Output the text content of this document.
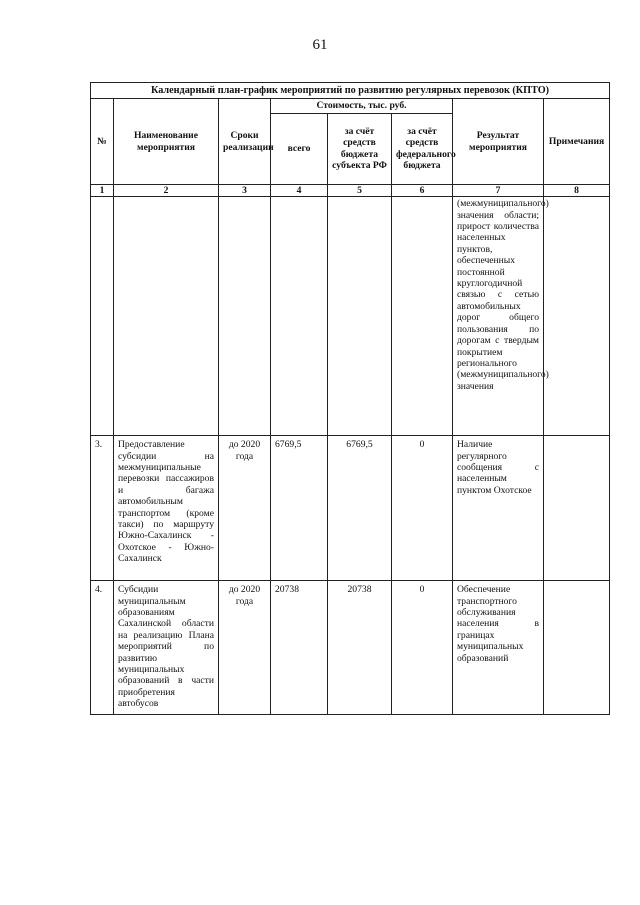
61
Календарный план-график мероприятий по развитию регулярных перевозок (КПТО)							
№	Наименование мероприятия	Сроки реализации	Стоимость, тыс. руб.			Результат мероприятия	Примечания
			всего	за счёт средств бюджета субъекта РФ	за счёт средств федерального бюджета		
1	2	3	4	5	6	7	8
						(межмуниципального) значения области; прирост количества населенных пунктов, обеспеченных постоянной круглогодичной связью с сетью автомобильных дорог общего пользования по дорогам с твердым покрытием регионального (межмуниципального) значения	
3.	Предоставление субсидии на межмуниципальные перевозки пассажиров и багажа автомобильным транспортом (кроме такси) по маршруту Южно-Сахалинск - Охотское - Южно-Сахалинск	до 2020 года	6769,5	6769,5	0	Наличие регулярного сообщения с населенным пунктом Охотское	
4.	Субсидии муниципальным образованиям Сахалинской области на реализацию Плана мероприятий по развитию муниципальных образований в части приобретения автобусов	до 2020 года	20738	20738	0	Обеспечение транспортного обслуживания населения в границах муниципальных образований	
